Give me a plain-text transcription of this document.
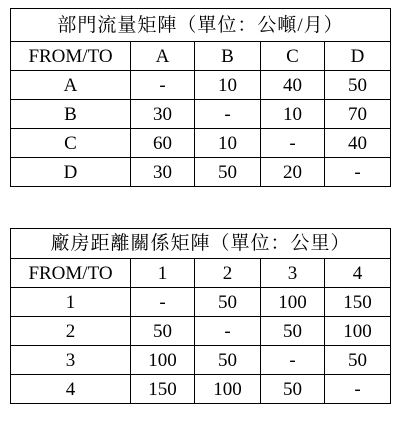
部門流量矩陣（單位：公噸/月）				
FROM/TO	A	B	C	D
A	-	10	40	50
B	30	-	10	70
C	60	10	-	40
D	30	50	20	-
廠房距離關係矩陣（單位：公里）				
FROM/TO	1	2	3	4
1	-	50	100	150
2	50	-	50	100
3	100	50	-	50
4	150	100	50	-
